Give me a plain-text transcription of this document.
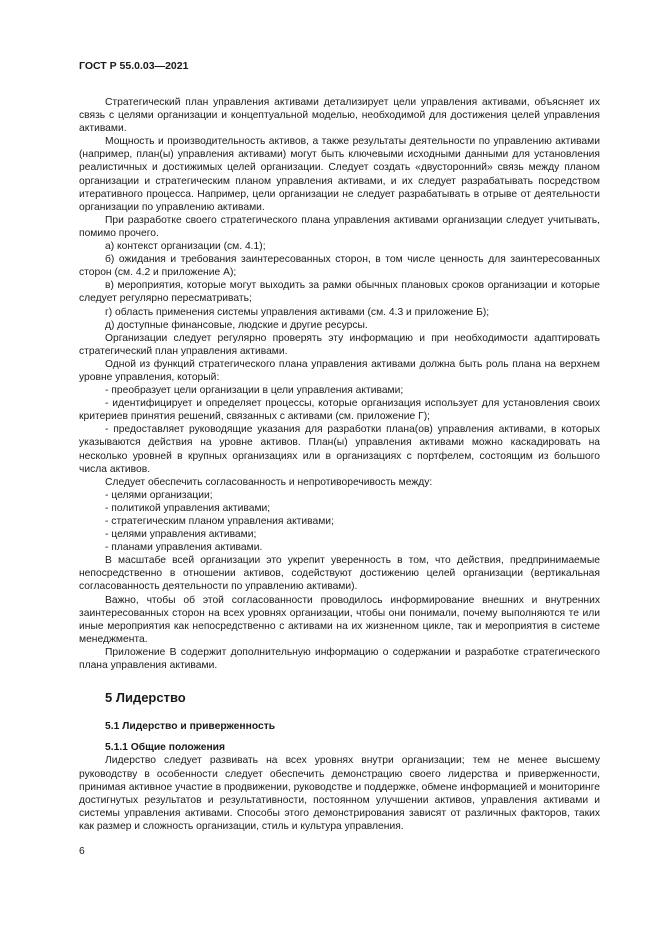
ГОСТ Р 55.0.03—2021

Стратегический план управления активами детализирует цели управления активами, объясняет их связь с целями организации и концептуальной моделью, необходимой для достижения целей управления активами.

Мощность и производительность активов, а также результаты деятельности по управлению активами (например, план(ы) управления активами) могут быть ключевыми исходными данными для установления реалистичных и достижимых целей организации. Следует создать «двусторонний» связь между планом организации и стратегическим планом управления активами, и их следует разрабатывать посредством итеративного процесса. Например, цели организации не следует разрабатывать в отрыве от деятельности организации по управлению активами.

При разработке своего стратегического плана управления активами организации следует учитывать, помимо прочего.

а) контекст организации (см. 4.1);

б) ожидания и требования заинтересованных сторон, в том числе ценность для заинтересованных сторон (см. 4.2 и приложение А);

в) мероприятия, которые могут выходить за рамки обычных плановых сроков организации и которые следует регулярно пересматривать;

г) область применения системы управления активами (см. 4.3 и приложение Б);

д) доступные финансовые, людские и другие ресурсы.

Организации следует регулярно проверять эту информацию и при необходимости адаптировать стратегический план управления активами.

Одной из функций стратегического плана управления активами должна быть роль плана на верхнем уровне управления, который:

- преобразует цели организации в цели управления активами;

- идентифицирует и определяет процессы, которые организация использует для установления своих критериев принятия решений, связанных с активами (см. приложение Г);

- предоставляет руководящие указания для разработки плана(ов) управления активами, в которых указываются действия на уровне активов. План(ы) управления активами можно каскадировать на несколько уровней в крупных организациях или в организациях с портфелем, состоящим из большого числа активов.

Следует обеспечить согласованность и непротиворечивость между:

- целями организации;

- политикой управления активами;

- стратегическим планом управления активами;

- целями управления активами;

- планами управления активами.

В масштабе всей организации это укрепит уверенность в том, что действия, предпринимаемые непосредственно в отношении активов, содействуют достижению целей организации (вертикальная согласованность деятельности по управлению активами).

Важно, чтобы об этой согласованности проводилось информирование внешних и внутренних заинтересованных сторон на всех уровнях организации, чтобы они понимали, почему выполняются те или иные мероприятия как непосредственно с активами на их жизненном цикле, так и мероприятия в системе менеджмента.

Приложение В содержит дополнительную информацию о содержании и разработке стратегического плана управления активами.

5 Лидерство

5.1 Лидерство и приверженность

5.1.1 Общие положения

Лидерство следует развивать на всех уровнях внутри организации; тем не менее высшему руководству в особенности следует обеспечить демонстрацию своего лидерства и приверженности, принимая активное участие в продвижении, руководстве и поддержке, обмене информацией и мониторинге достигнутых результатов и результативности, постоянном улучшении активов, управления активами и системы управления активами. Способы этого демонстрирования зависят от различных факторов, таких как размер и сложность организации, стиль и культура управления.

6
